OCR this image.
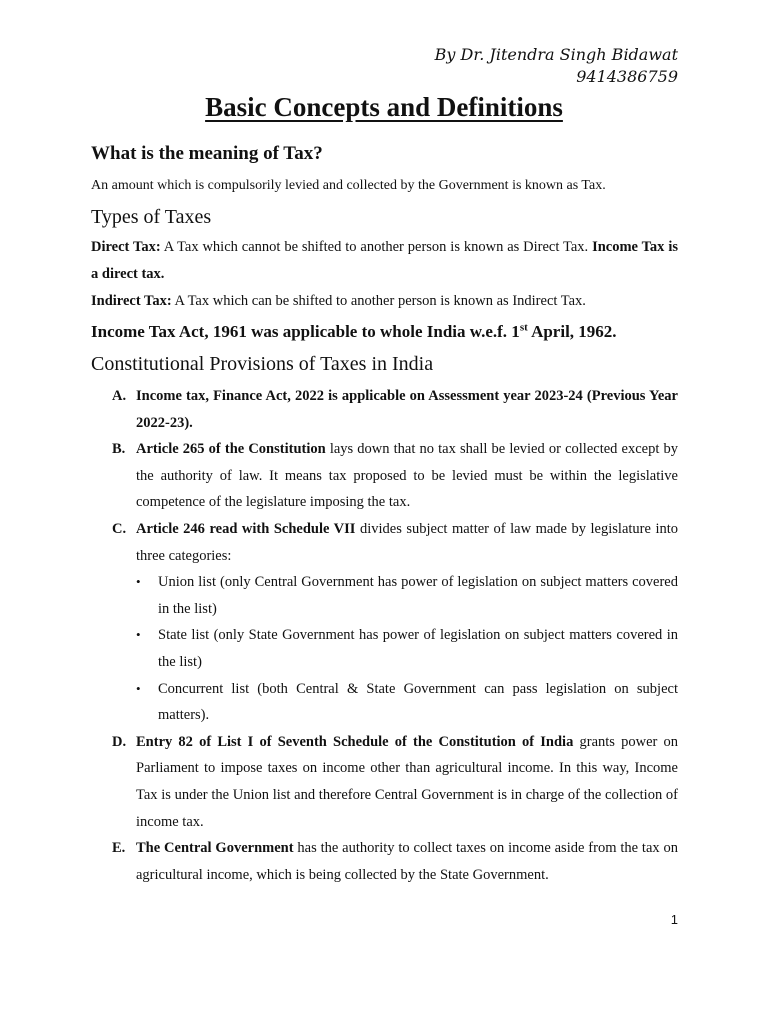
By Dr. Jitendra Singh Bidawat
9414386759
Basic Concepts and Definitions
What is the meaning of Tax?

An amount which is compulsorily levied and collected by the Government is known as Tax.

Types of Taxes

Direct Tax: A Tax which cannot be shifted to another person is known as Direct Tax. Income Tax is a direct tax.

Indirect Tax: A Tax which can be shifted to another person is known as Indirect Tax.

Income Tax Act, 1961 was applicable to whole India w.e.f. 1st April, 1962.
Constitutional Provisions of Taxes in India
A. Income tax, Finance Act, 2022 is applicable on Assessment year 2023-24 (Previous Year 2022-23).
B. Article 265 of the Constitution lays down that no tax shall be levied or collected except by the authority of law. It means tax proposed to be levied must be within the legislative competence of the legislature imposing the tax.
C. Article 246 read with Schedule VII divides subject matter of law made by legislature into three categories:
• Union list (only Central Government has power of legislation on subject matters covered in the list)
• State list (only State Government has power of legislation on subject matters covered in the list)
• Concurrent list (both Central & State Government can pass legislation on subject matters).
D. Entry 82 of List I of Seventh Schedule of the Constitution of India grants power on Parliament to impose taxes on income other than agricultural income. In this way, Income Tax is under the Union list and therefore Central Government is in charge of the collection of income tax.
E. The Central Government has the authority to collect taxes on income aside from the tax on agricultural income, which is being collected by the State Government.
1
